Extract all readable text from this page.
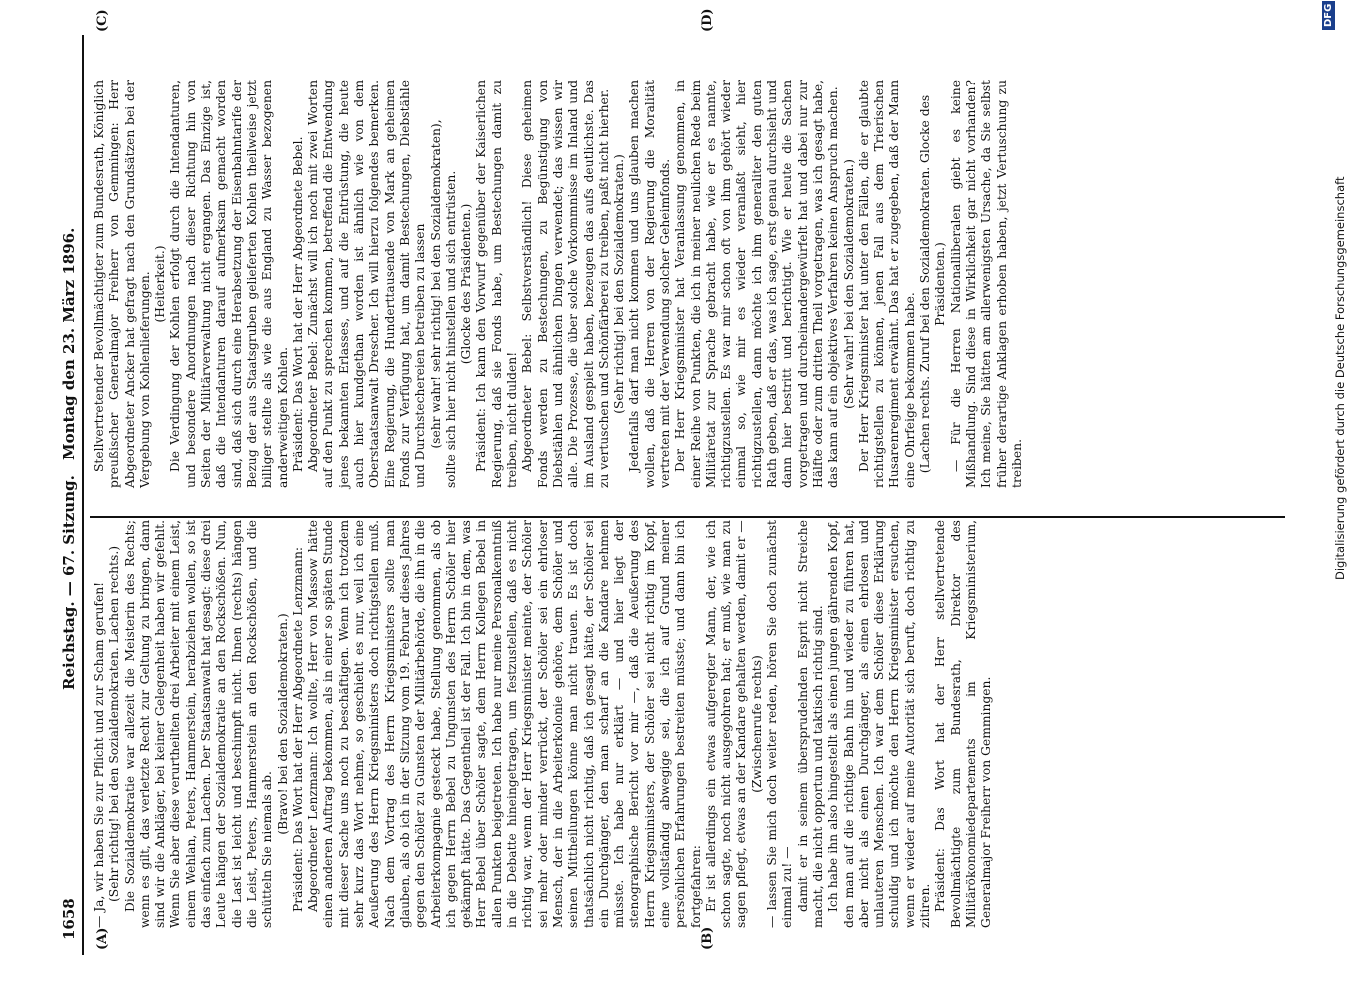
1658
Reichstag. — 67. Sitzung.
Montag den 23. März 1896.
(A)	(B)
(C)	(D)

— Ja, wir haben Sie zur Pflicht und zur Scham gerufen! (Sehr richtig! bei den Sozialdemokraten. Lachen rechts.) Die Sozialdemokratie war allezeit die Meisterin des Rechts; wenn es gilt, das verletzte Recht zur Geltung zu bringen, dann sind wir die Ankläger, bei keiner Gelegenheit haben wir gefehlt. Wenn Sie aber diese verurtheilten drei Arbeiter mit einem Leist, einem Wehlan, Peters, Hammerstein, herabziehen wollen, so ist das einfach zum Lachen. Der Staatsanwalt hat gesagt: diese drei Leute hängen der Sozialdemokratie an den Rockschößen. Nun, die Last ist leicht und beschimpft nicht. Ihnen (rechts) hängen die Leist, Peters, Hammerstein an den Rockschößen, und die schütteln Sie niemals ab.

(Bravo! bei den Sozialdemokraten.) Präsident: Das Wort hat der Herr Abgeordnete Lenzmann: Abgeordneter Lenzmann: Ich wollte, Herr von Massow hätte einen anderen Auftrag bekommen, als in einer so späten Stunde mit dieser Sache uns noch zu beschäftigen. Wenn ich trotzdem sehr kurz das Wort nehme, so geschieht es nur, weil ich eine Aeußerung des Herrn Kriegsministers doch richtigstellen muß. Nach dem Vortrag des Herrn Kriegsministers sollte man glauben, als ob ich in der Sitzung vom 19. Februar dieses Jahres gegen den Schöler zu Gunsten der Militärbehörde, die ihn in die Arbeiterkompagnie gesteckt habe, Stellung genommen, als ob ich gegen Herrn Bebel zu Ungunsten des Herrn Schöler hier gekämpft hätte. Das Gegentheil ist der Fall. Ich bin in dem, was Herr Bebel über Schöler sagte, dem Herrn Kollegen Bebel in allen Punkten beigetreten. Ich habe nur meine Personalkenntniß in die Debatte hineingetragen, um festzustellen, daß es nicht richtig war, wenn der Herr Kriegsminister meinte, der Schöler sei mehr oder minder verrückt, der Schöler sei ein ehrloser Mensch, der in die Arbeiterkolonie gehöre, dem Schöler und seinen Mittheilungen könne man nicht trauen. Es ist doch thatsächlich nicht richtig, daß ich gesagt hätte, der Schöler sei ein Durchgänger, den man scharf an die Kandare nehmen müsste. Ich habe nur erklärt — und hier liegt der stenographische Bericht vor mir —, daß die Aeußerung des Herrn Kriegsministers, der Schöler sei nicht richtig im Kopf, eine vollständig abwegige sei, die ich auf Grund meiner persönlichen Erfahrungen bestreiten müsste; und dann bin ich fortgefahren: Er ist allerdings ein etwas aufgeregter Mann, der, wie ich schon sagte, noch nicht ausgegohren hat; er muß, wie man zu sagen pflegt, etwas an der Kandare gehalten werden, damit er — (Zwischenrufe rechts) — lassen Sie mich doch weiter reden, hören Sie doch zunächst einmal zu! — damit er in seinem übersprudelnden Esprit nicht Streiche macht, die nicht opportun und taktisch richtig sind. Ich habe ihn also hingestellt als einen jungen gährenden Kopf, den man auf die richtige Bahn hin und wieder zu führen hat, aber nicht als einen Durchgänger, als einen ehrlosen und unlauteren Menschen. Ich war dem Schöler diese Erklärung schuldig und ich möchte den Herrn Kriegsminister ersuchen, wenn er wieder auf meine Autorität sich beruft, doch richtig zu zitiren. Präsident: Das Wort hat der Herr stellvertretende Bevollmächtigte zum Bundesrath, Direktor des Militärökonomiedepartements im Kriegsministerium, Generalmajor Freiherr von Gemmingen.

Stellvertretender Bevollmächtigter zum Bundesrath, Königlich preußischer Generalmajor Freiherr von Gemmingen: Herr Abgeordneter Ancker hat gefragt nach den Grundsätzen bei der Vergebung von Kohlenlieferungen. (Heiterkeit.) Die Verdingung der Kohlen erfolgt durch die Intendanturen, und besondere Anordnungen nach dieser Richtung hin von Seiten der Militärverwaltung nicht ergangen. Das Einzige ist, daß die Intendanturen darauf aufmerksam gemacht worden sind, daß sich durch eine Herabsetzung der Eisenbahntarife der Bezug der aus Staatsgruben gelieferten Kohlen theilweise jetzt billiger stellte als wie die aus England zu Wasser bezogenen anderweitigen Kohlen. Präsident: Das Wort hat der Herr Abgeordnete Bebel. Abgeordneter Bebel: Zunächst will ich noch mit zwei Worten auf den Punkt zu sprechen kommen, betreffend die Entwendung jenes bekannten Erlasses, und auf die Entrüstung, die heute auch hier kundgethan worden ist ähnlich wie von dem Oberstaatsanwalt Drescher. Ich will hierzu folgendes bemerken. Eine Regierung, die Hunderttausende von Mark an geheimen Fonds zur Verfügung hat, um damit Bestechungen, Diebstähle und Durchstechereien betreiben zu lassen (sehr wahr! sehr richtig! bei den Sozialdemokraten), sollte sich hier nicht hinstellen und sich entrüsten. (Glocke des Präsidenten.) Präsident: Ich kann den Vorwurf gegenüber der Kaiserlichen Regierung, daß sie Fonds habe, um Bestechungen damit zu treiben, nicht dulden! Abgeordneter Bebel: Selbstverständlich! Diese geheimen Fonds werden zu Bestechungen, zu Begünstigung von Diebstählen und ähnlichen Dingen verwendet; das wissen wir alle. Die Prozesse, die über solche Vorkommnisse im Inland und im Ausland gespielt haben, bezeugen das aufs deutlichste. Das zu vertuschen und Schönfärberei zu treiben, paßt nicht hierher. (Sehr richtig! bei den Sozialdemokraten.) Jedenfalls darf man nicht kommen und uns glauben machen wollen, daß die Herren von der Regierung die Moralität vertreten mit der Verwendung solcher Geheimfonds. Der Herr Kriegsminister hat Veranlassung genommen, in einer Reihe von Punkten, die ich in meiner neulichen Rede beim Militäretat zur Sprache gebracht habe, wie er es nannte, richtigzustellen. Es war mir schon oft von ihm gehört wieder einmal so, wie mir es wieder veranlaßt sieht, hier richtigzustellen, dann möchte ich ihm generaliter den guten Rath geben, daß er das, was ich sage, erst genau durchsieht und dann hier bestritt und berichtigt. Wie er heute die Sachen vorgetragen und durcheinandergewürfelt hat und dabei nur zur Hälfte oder zum dritten Theil vorgetragen, was ich gesagt habe, das kann auf ein objektives Verfahren keinen Anspruch machen. (Sehr wahr! bei den Sozialdemokraten.) Der Herr Kriegsminister hat unter den Fällen, die er glaubte richtigstellen zu können, jenen Fall aus dem Trierischen Husarenregiment erwähnt. Das hat er zugegeben, daß der Mann eine Ohrfeige bekommen habe. (Lachen rechts. Zuruf bei den Sozialdemokraten. Glocke des Präsidenten.) — Für die Herren Nationalliberalen giebt es keine Mißhandlung. Sind diese in Wirklichkeit gar nicht vorhanden? Ich meine, Sie hätten am allerwenigsten Ursache, da Sie selbst früher derartige Anklagen erhoben haben, jetzt Vertuschung zu treiben.	Digitalisierung gefördert durch die Deutsche Forschungsgemeinschaft
DFG
